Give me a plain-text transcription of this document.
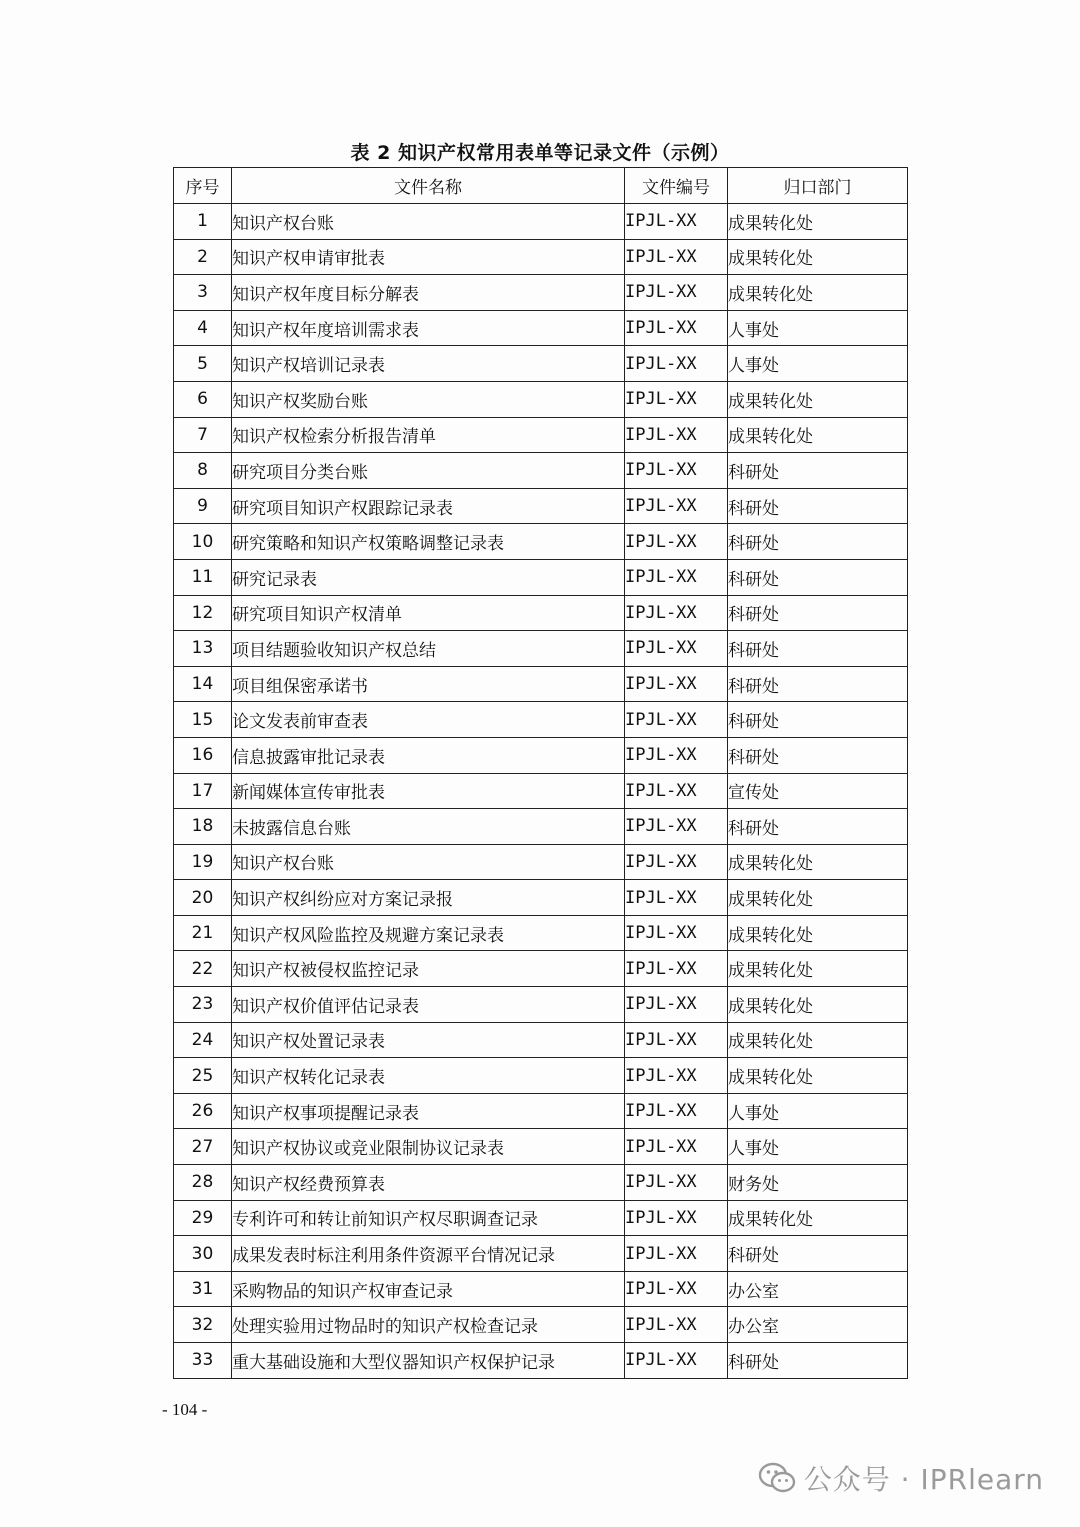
表 2 知识产权常用表单等记录文件（示例）
序号	文件名称	文件编号	归口部门
1	知识产权台账	IPJL-XX	成果转化处
2	知识产权申请审批表	IPJL-XX	成果转化处
3	知识产权年度目标分解表	IPJL-XX	成果转化处
4	知识产权年度培训需求表	IPJL-XX	人事处
5	知识产权培训记录表	IPJL-XX	人事处
6	知识产权奖励台账	IPJL-XX	成果转化处
7	知识产权检索分析报告清单	IPJL-XX	成果转化处
8	研究项目分类台账	IPJL-XX	科研处
9	研究项目知识产权跟踪记录表	IPJL-XX	科研处
10	研究策略和知识产权策略调整记录表	IPJL-XX	科研处
11	研究记录表	IPJL-XX	科研处
12	研究项目知识产权清单	IPJL-XX	科研处
13	项目结题验收知识产权总结	IPJL-XX	科研处
14	项目组保密承诺书	IPJL-XX	科研处
15	论文发表前审查表	IPJL-XX	科研处
16	信息披露审批记录表	IPJL-XX	科研处
17	新闻媒体宣传审批表	IPJL-XX	宣传处
18	未披露信息台账	IPJL-XX	科研处
19	知识产权台账	IPJL-XX	成果转化处
20	知识产权纠纷应对方案记录报	IPJL-XX	成果转化处
21	知识产权风险监控及规避方案记录表	IPJL-XX	成果转化处
22	知识产权被侵权监控记录	IPJL-XX	成果转化处
23	知识产权价值评估记录表	IPJL-XX	成果转化处
24	知识产权处置记录表	IPJL-XX	成果转化处
25	知识产权转化记录表	IPJL-XX	成果转化处
26	知识产权事项提醒记录表	IPJL-XX	人事处
27	知识产权协议或竞业限制协议记录表	IPJL-XX	人事处
28	知识产权经费预算表	IPJL-XX	财务处
29	专利许可和转让前知识产权尽职调查记录	IPJL-XX	成果转化处
30	成果发表时标注利用条件资源平台情况记录	IPJL-XX	科研处
31	采购物品的知识产权审查记录	IPJL-XX	办公室
32	处理实验用过物品时的知识产权检查记录	IPJL-XX	办公室
33	重大基础设施和大型仪器知识产权保护记录	IPJL-XX	科研处
- 104 -
公众号 · IPRlearn
